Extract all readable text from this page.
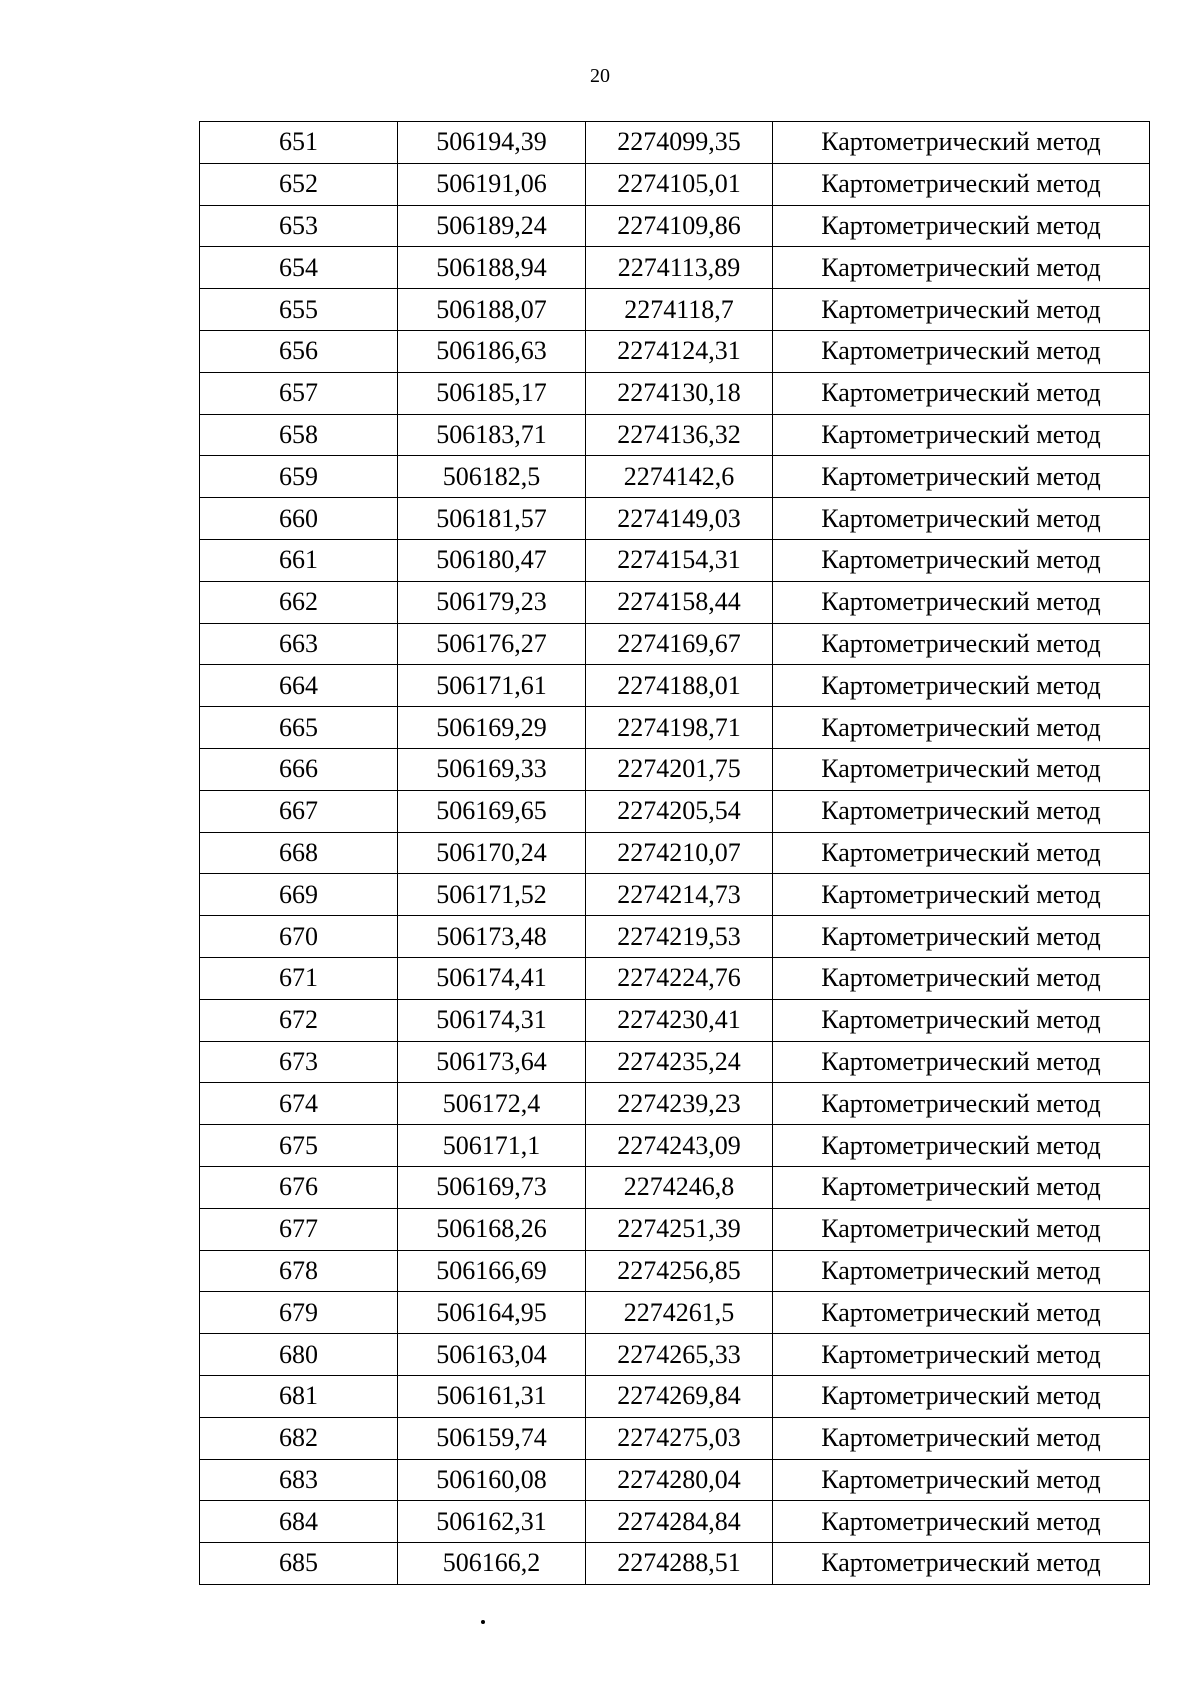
20
651	506194,39	2274099,35	Картометрический метод
652	506191,06	2274105,01	Картометрический метод
653	506189,24	2274109,86	Картометрический метод
654	506188,94	2274113,89	Картометрический метод
655	506188,07	2274118,7	Картометрический метод
656	506186,63	2274124,31	Картометрический метод
657	506185,17	2274130,18	Картометрический метод
658	506183,71	2274136,32	Картометрический метод
659	506182,5	2274142,6	Картометрический метод
660	506181,57	2274149,03	Картометрический метод
661	506180,47	2274154,31	Картометрический метод
662	506179,23	2274158,44	Картометрический метод
663	506176,27	2274169,67	Картометрический метод
664	506171,61	2274188,01	Картометрический метод
665	506169,29	2274198,71	Картометрический метод
666	506169,33	2274201,75	Картометрический метод
667	506169,65	2274205,54	Картометрический метод
668	506170,24	2274210,07	Картометрический метод
669	506171,52	2274214,73	Картометрический метод
670	506173,48	2274219,53	Картометрический метод
671	506174,41	2274224,76	Картометрический метод
672	506174,31	2274230,41	Картометрический метод
673	506173,64	2274235,24	Картометрический метод
674	506172,4	2274239,23	Картометрический метод
675	506171,1	2274243,09	Картометрический метод
676	506169,73	2274246,8	Картометрический метод
677	506168,26	2274251,39	Картометрический метод
678	506166,69	2274256,85	Картометрический метод
679	506164,95	2274261,5	Картометрический метод
680	506163,04	2274265,33	Картометрический метод
681	506161,31	2274269,84	Картометрический метод
682	506159,74	2274275,03	Картометрический метод
683	506160,08	2274280,04	Картометрический метод
684	506162,31	2274284,84	Картометрический метод
685	506166,2	2274288,51	Картометрический метод
